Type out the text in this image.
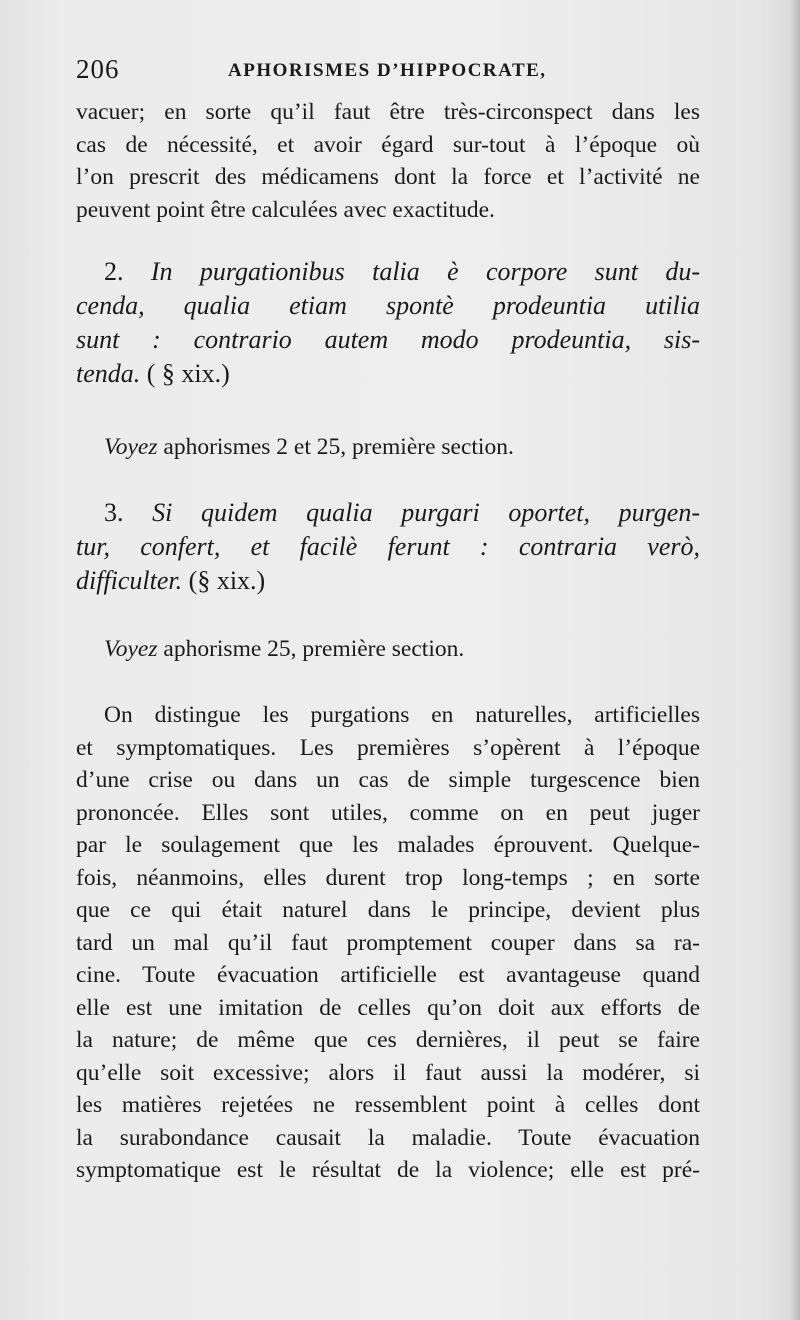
206	APHORISMES D’HIPPOCRATE,
vacuer; en sorte qu’il faut être très-circonspect dans les
cas de nécessité, et avoir égard sur-tout à l’époque où
l’on prescrit des médicamens dont la force et l’activité ne
peuvent point être calculées avec exactitude.
2. In purgationibus talia è corpore sunt du-
cenda, qualia etiam spontè prodeuntia utilia
sunt : contrario autem modo prodeuntia, sis-
tenda. ( § xix.)
Voyez aphorismes 2 et 25, première section.
3. Si quidem qualia purgari oportet, purgen-
tur, confert, et facilè ferunt : contraria verò,
difficulter. (§ xix.)
Voyez aphorisme 25, première section.
On distingue les purgations en naturelles, artificielles
et symptomatiques. Les premières s’opèrent à l’époque
d’une crise ou dans un cas de simple turgescence bien
prononcée. Elles sont utiles, comme on en peut juger
par le soulagement que les malades éprouvent. Quelque-
fois, néanmoins, elles durent trop long-temps ; en sorte
que ce qui était naturel dans le principe, devient plus
tard un mal qu’il faut promptement couper dans sa ra-
cine. Toute évacuation artificielle est avantageuse quand
elle est une imitation de celles qu’on doit aux efforts de
la nature; de même que ces dernières, il peut se faire
qu’elle soit excessive; alors il faut aussi la modérer, si
les matières rejetées ne ressemblent point à celles dont
la surabondance causait la maladie. Toute évacuation
symptomatique est le résultat de la violence; elle est pré-
